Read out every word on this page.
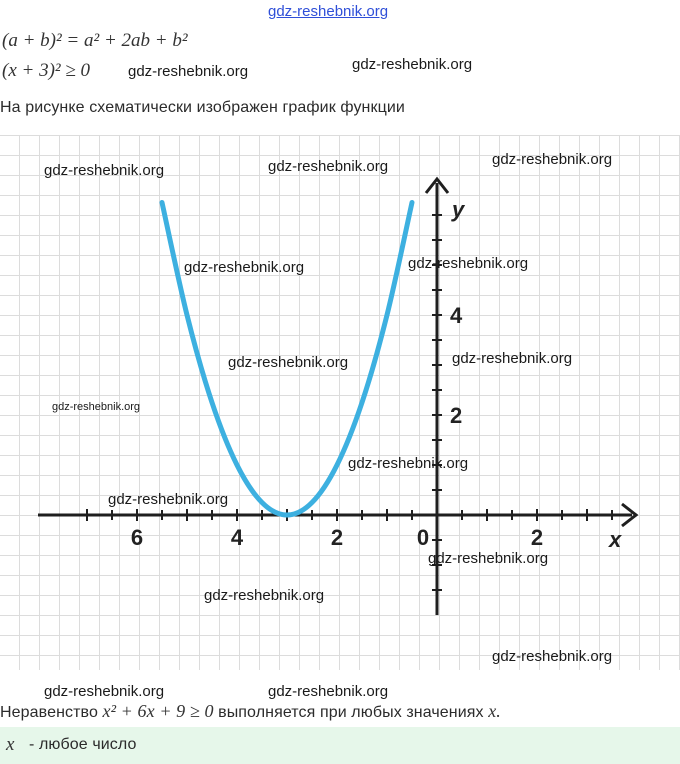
gdz-reshebnik.org
(a + b)² = a² + 2ab + b²
(x + 3)² ≥ 0	gdz-reshebnik.org	gdz-reshebnik.org
На рисунке схематически изображен график функции
6	4	2	0	2
2
4
x
y
gdz-reshebnik.org	gdz-reshebnik.org	gdz-reshebnik.org
gdz-reshebnik.org	gdz-reshebnik.org
gdz-reshebnik.org	gdz-reshebnik.org
gdz-reshebnik.org
gdz-reshebnik.org
gdz-reshebnik.org
gdz-reshebnik.org
gdz-reshebnik.org
gdz-reshebnik.org
gdz-reshebnik.org	gdz-reshebnik.org
Неравенство x² + 6x + 9 ≥ 0 выполняется при любых значениях x.
x - любое число
